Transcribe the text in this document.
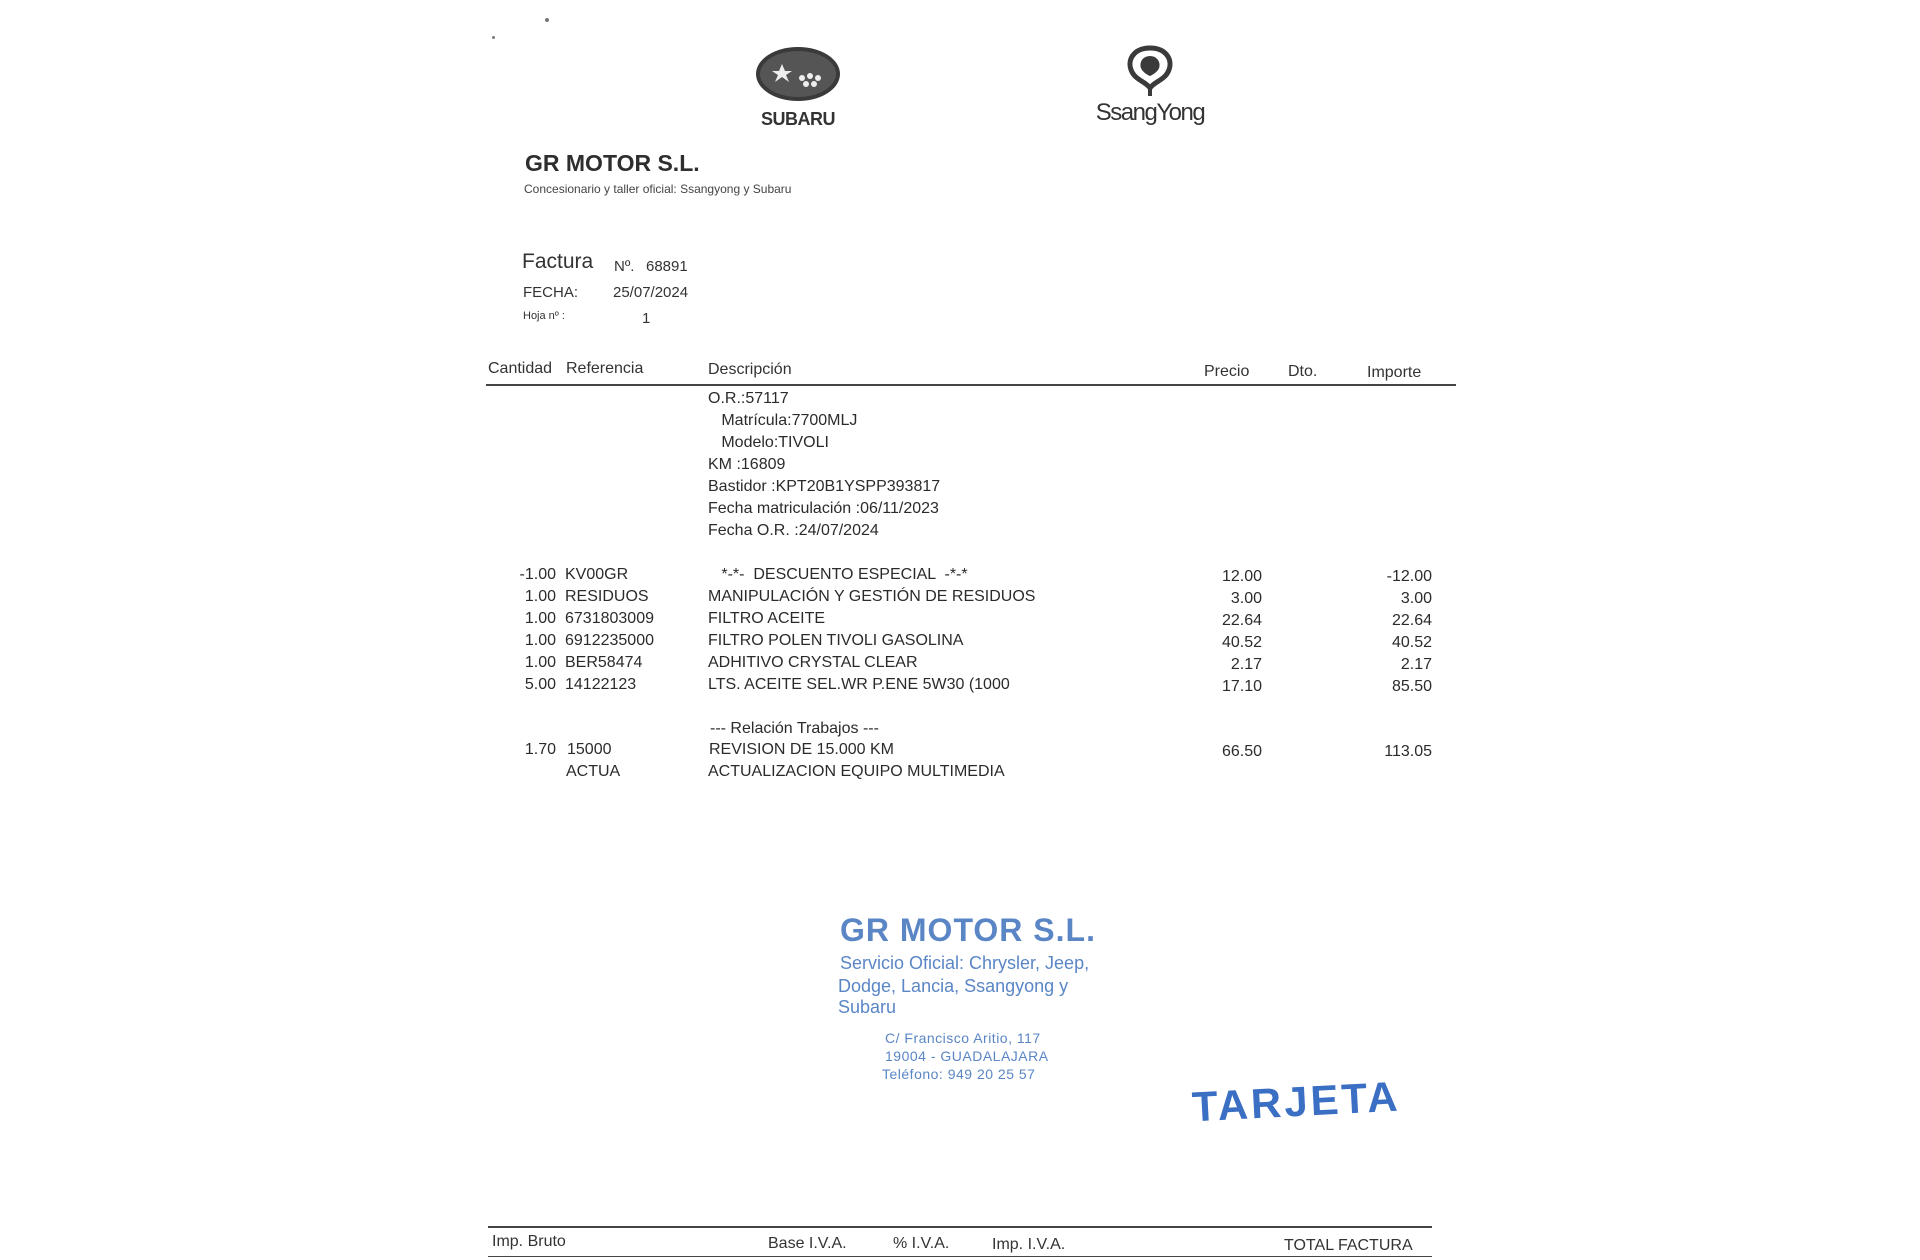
SUBARU	SsangYong
GR MOTOR S.L.
Concesionario y taller oficial: Ssangyong y Subaru
Factura Nº. 68891
FECHA: 25/07/2024
Hoja nº :	1
Cantidad Referencia	Descripción	Precio Dto.	Importe
O.R.:57117
Matrícula:7700MLJ
Modelo:TIVOLI
KM :16809
Bastidor :KPT20B1YSPP393817
Fecha matriculación :06/11/2023
Fecha O.R. :24/07/2024
-1.00 KV00GR	*-*-  DESCUENTO ESPECIAL  -*-*	12.00	-12.00
1.00 RESIDUOS	MANIPULACIÓN Y GESTIÓN DE RESIDUOS	3.00	3.00
1.00 6731803009	FILTRO ACEITE	22.64	22.64
1.00 6912235000	FILTRO POLEN TIVOLI GASOLINA	40.52	40.52
1.00 BER58474	ADHITIVO CRYSTAL CLEAR	2.17	2.17
5.00 14122123	LTS. ACEITE SEL.WR P.ENE 5W30 (1000	17.10	85.50
--- Relación Trabajos ---
1.70 15000	REVISION DE 15.000 KM	66.50	113.05
ACTUA	ACTUALIZACION EQUIPO MULTIMEDIA
GR MOTOR S.L.
Servicio Oficial: Chrysler, Jeep,
Dodge, Lancia, Ssangyong y Subaru
C/ Francisco Aritio, 117
19004 - GUADALAJARA
Teléfono: 949 20 25 57	TARJETA
Imp. Bruto	Base I.V.A.	% I.V.A.	Imp. I.V.A.	TOTAL FACTURA
